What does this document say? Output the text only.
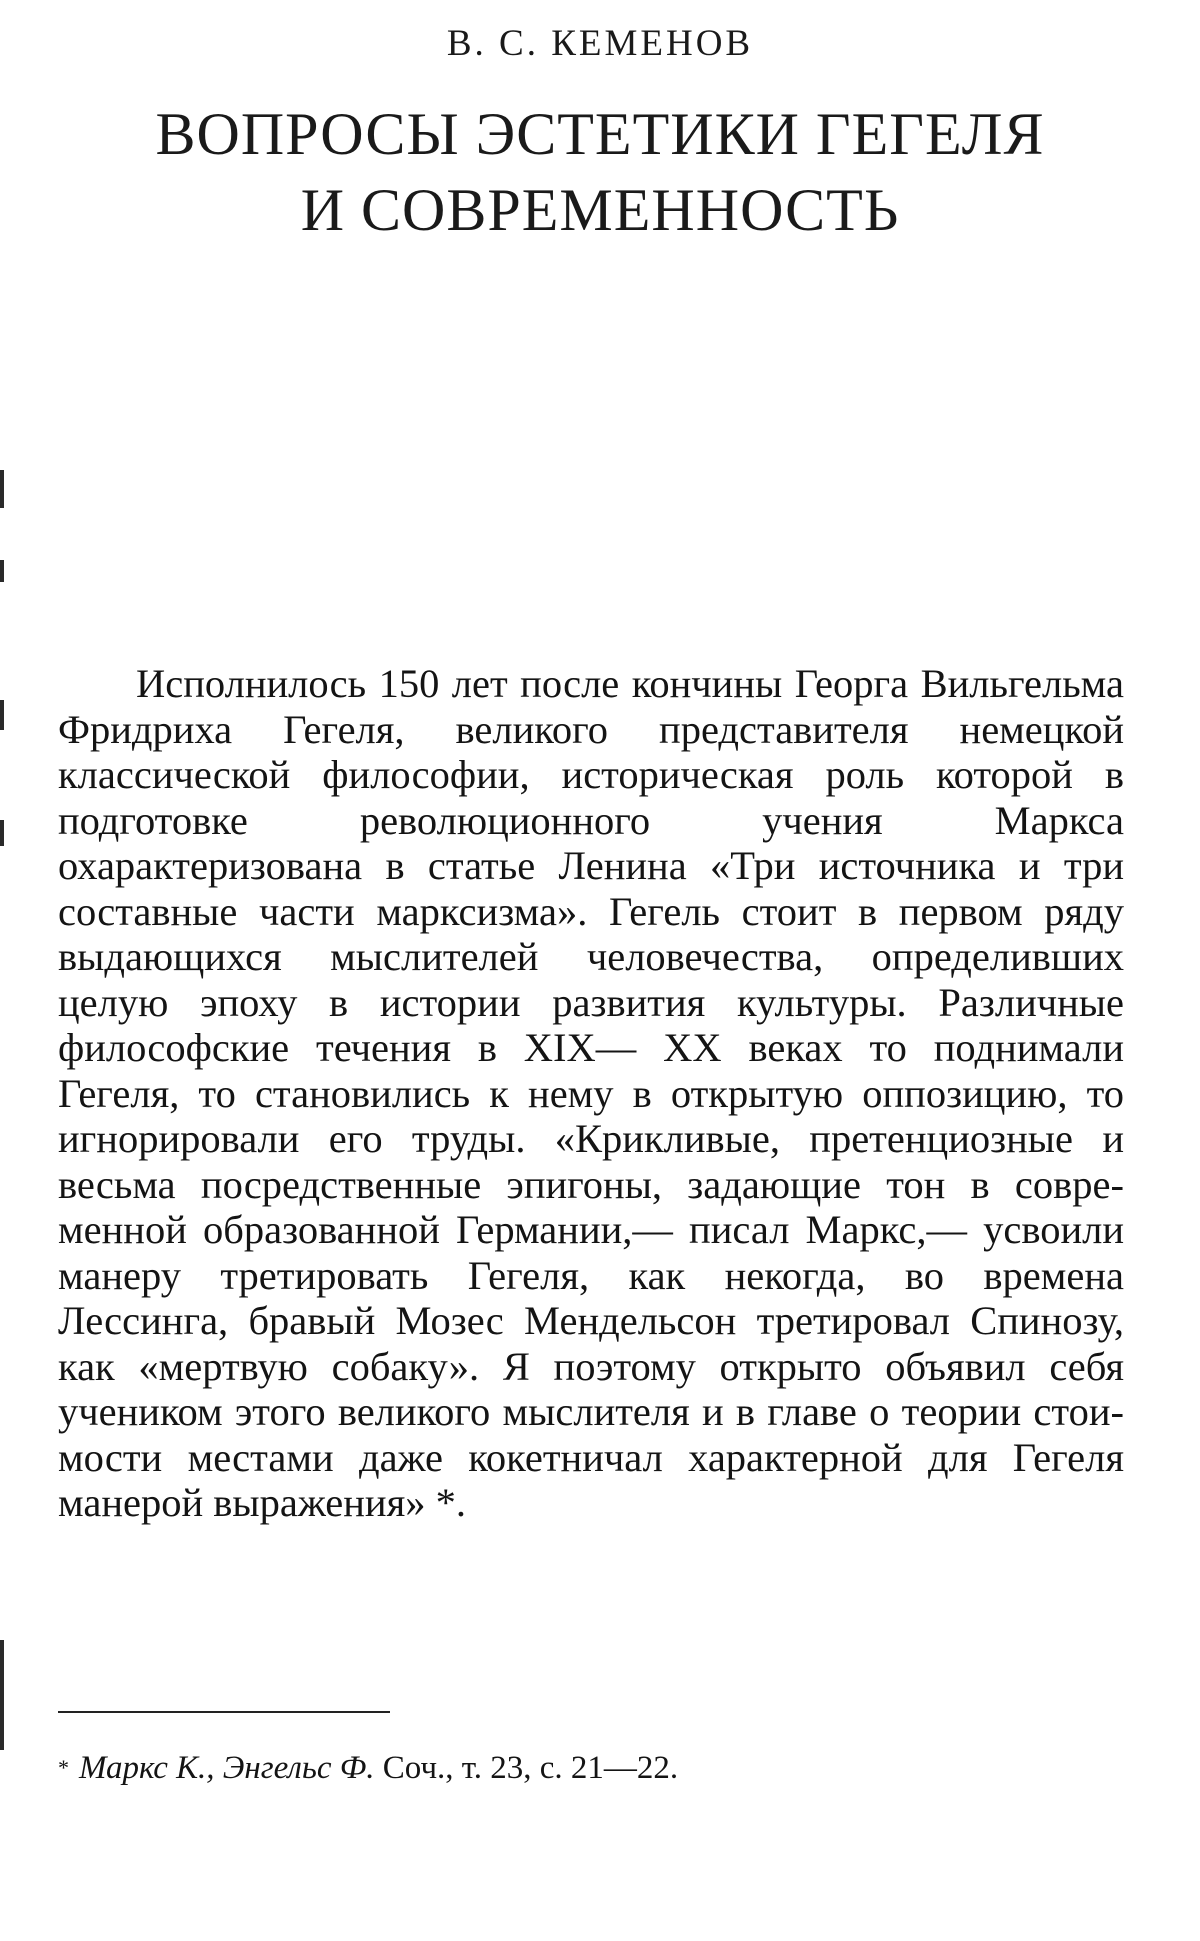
В. С. КЕМЕНОВ
ВОПРОСЫ ЭСТЕТИКИ ГЕГЕЛЯ
И СОВРЕМЕННОСТЬ

Исполнилось 150 лет после кончины Георга Вильгельма Фридриха Гегеля, великого представителя немецкой классической философии, историческая роль которой в подготовке революционного учения Маркса охарактеризована в статье Ленина «Три источника и три составные части марксизма». Гегель стоит в первом ряду выдающихся мыслителей человечества, определивших целую эпоху в истории развития культуры. Различные философские течения в XIX— XX веках то поднимали Гегеля, то становились к нему в открытую оппозицию, то игнорировали его труды. «Крикливые, претенциозные и весьма посредственные эпигоны, задающие тон в современной образованной Германии,— писал Маркс,— усвоили манеру третировать Гегеля, как некогда, во времена Лессинга, бравый Мозес Мендельсон третировал Спинозу, как «мертвую собаку». Я поэтому открыто объявил себя учеником этого великого мыслителя и в главе о теории стоимости местами даже кокетничал характерной для Гегеля манерой выражения» *.

* Маркс К., Энгельс Ф. Соч., т. 23, с. 21—22.
